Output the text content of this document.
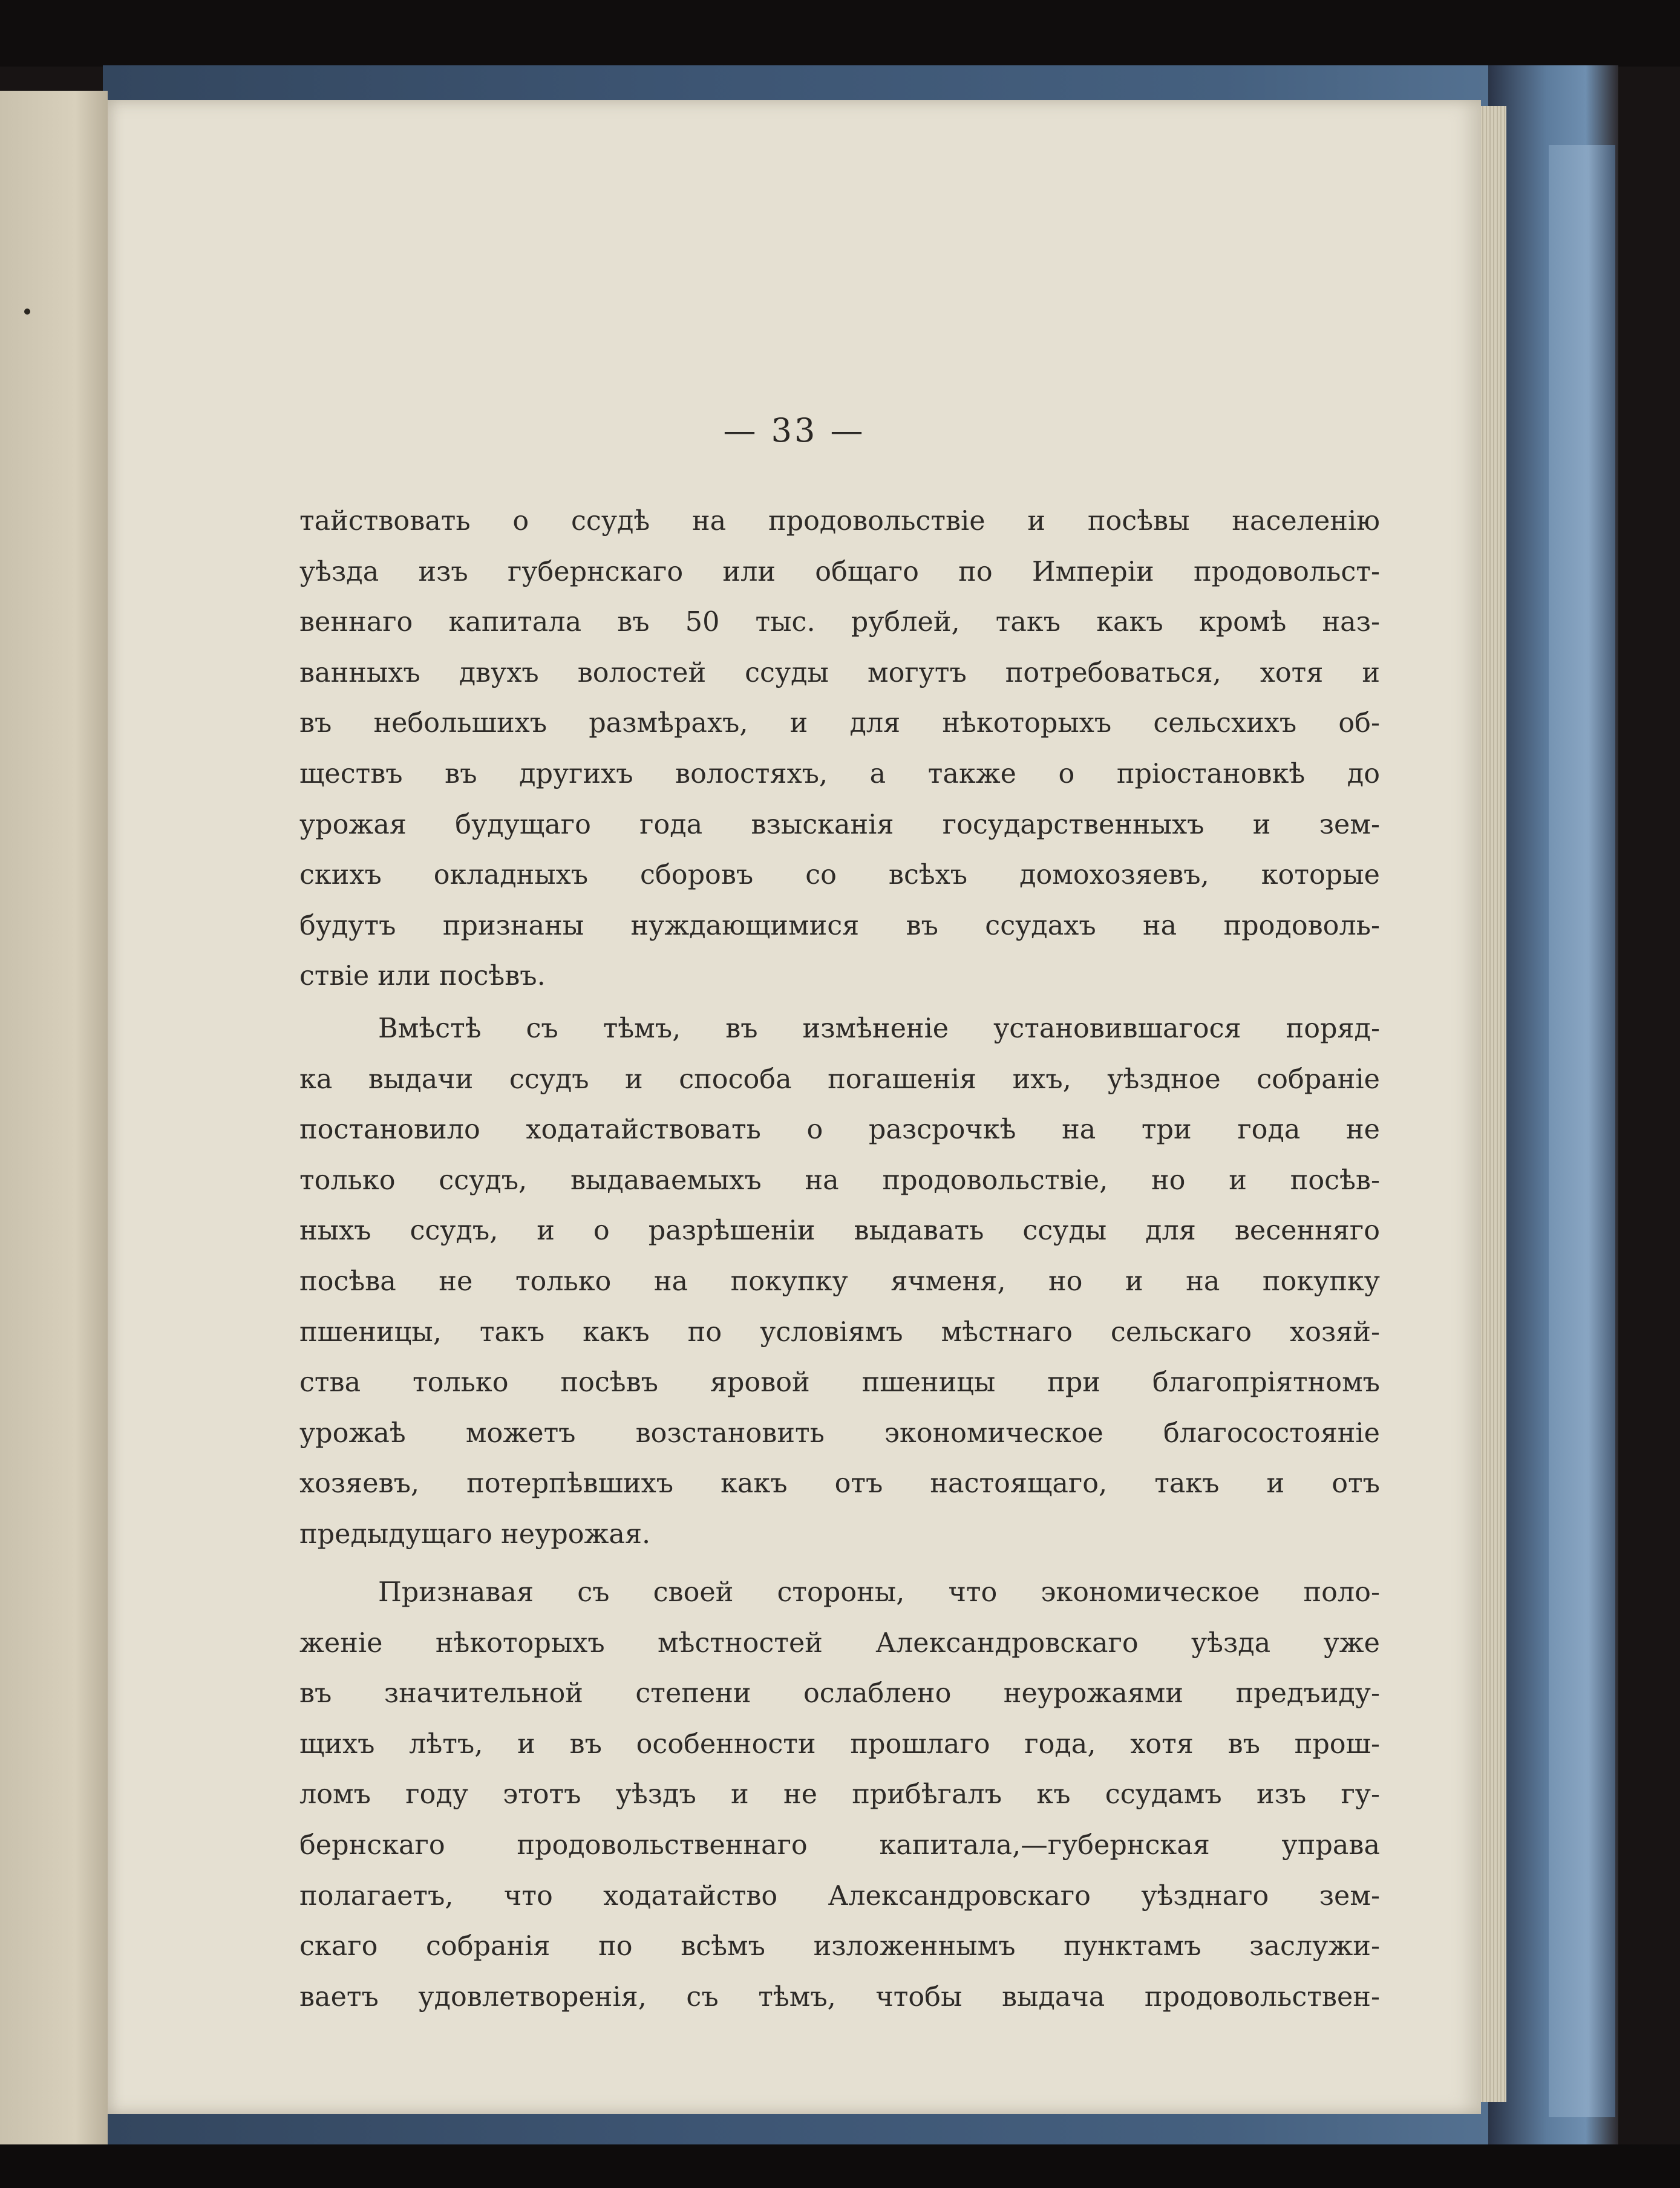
— 33 —
тайствовать о ссудѣ на продовольствіе и посѣвы населенію
уѣзда изъ губернскаго или общаго по Имперіи продовольст-
веннаго капитала въ 50 тыс. рублей, такъ какъ кромѣ наз-
ванныхъ двухъ волостей ссуды могутъ потребоваться, хотя и
въ небольшихъ размѣрахъ, и для нѣкоторыхъ сельсхихъ об-
ществъ въ другихъ волостяхъ, а также о пріостановкѣ до
урожая будущаго года взысканія государственныхъ и зем-
скихъ окладныхъ сборовъ со всѣхъ домохозяевъ, которые
будутъ признаны нуждающимися въ ссудахъ на продоволь-
ствіе или посѣвъ.
Вмѣстѣ съ тѣмъ, въ измѣненіе установившагося поряд-
ка выдачи ссудъ и способа погашенія ихъ, уѣздное собраніе
постановило ходатайствовать о разсрочкѣ на три года не
только ссудъ, выдаваемыхъ на продовольствіе, но и посѣв-
ныхъ ссудъ, и о разрѣшеніи выдавать ссуды для весенняго
посѣва не только на покупку ячменя, но и на покупку
пшеницы, такъ какъ по условіямъ мѣстнаго сельскаго хозяй-
ства только посѣвъ яровой пшеницы при благопріятномъ
урожаѣ можетъ возстановить экономическое благосостояніе
хозяевъ, потерпѣвшихъ какъ отъ настоящаго, такъ и отъ
предыдущаго неурожая.
Признавая съ своей стороны, что экономическое поло-
женіе нѣкоторыхъ мѣстностей Александровскаго уѣзда уже
въ значительной степени ослаблено неурожаями предъиду-
щихъ лѣтъ, и въ особенности прошлаго года, хотя въ прош-
ломъ году этотъ уѣздъ и не прибѣгалъ къ ссудамъ изъ гу-
бернскаго продовольственнаго капитала,—губернская управа
полагаетъ, что ходатайство Александровскаго уѣзднаго зем-
скаго собранія по всѣмъ изложеннымъ пунктамъ заслужи-
ваетъ удовлетворенія, съ тѣмъ, чтобы выдача продовольствен-
